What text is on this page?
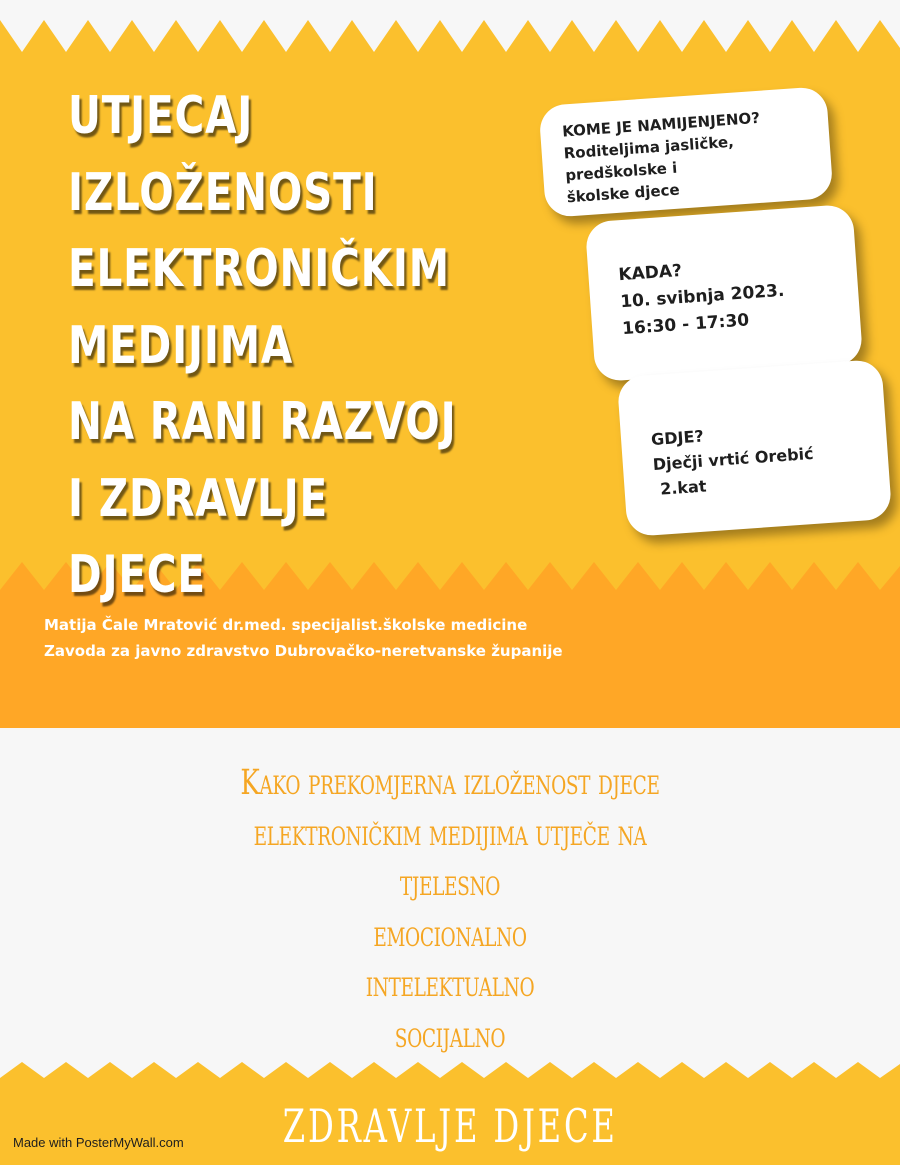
UTJECAJ
IZLOŽENOSTI
ELEKTRONIČKIM
MEDIJIMA
NA RANI RAZVOJ
I ZDRAVLJE
DJECE
KOME JE NAMIJENJENO?
Roditeljima jasličke,
predškolske i
školske djece
KADA?
10. svibnja 2023.
16:30 - 17:30
GDJE?
Dječji vrtić Orebić
2.kat
Matija Čale Mratović dr.med. specijalist.školske medicine
Zavoda za javno zdravstvo Dubrovačko-neretvanske županije
Kako prekomjerna izloženost djece
elektroničkim medijima utječe na
tjelesno
emocionalno
intelektualno
socijalno
ZDRAVLJE DJECE
Made with PosterMyWall.com
